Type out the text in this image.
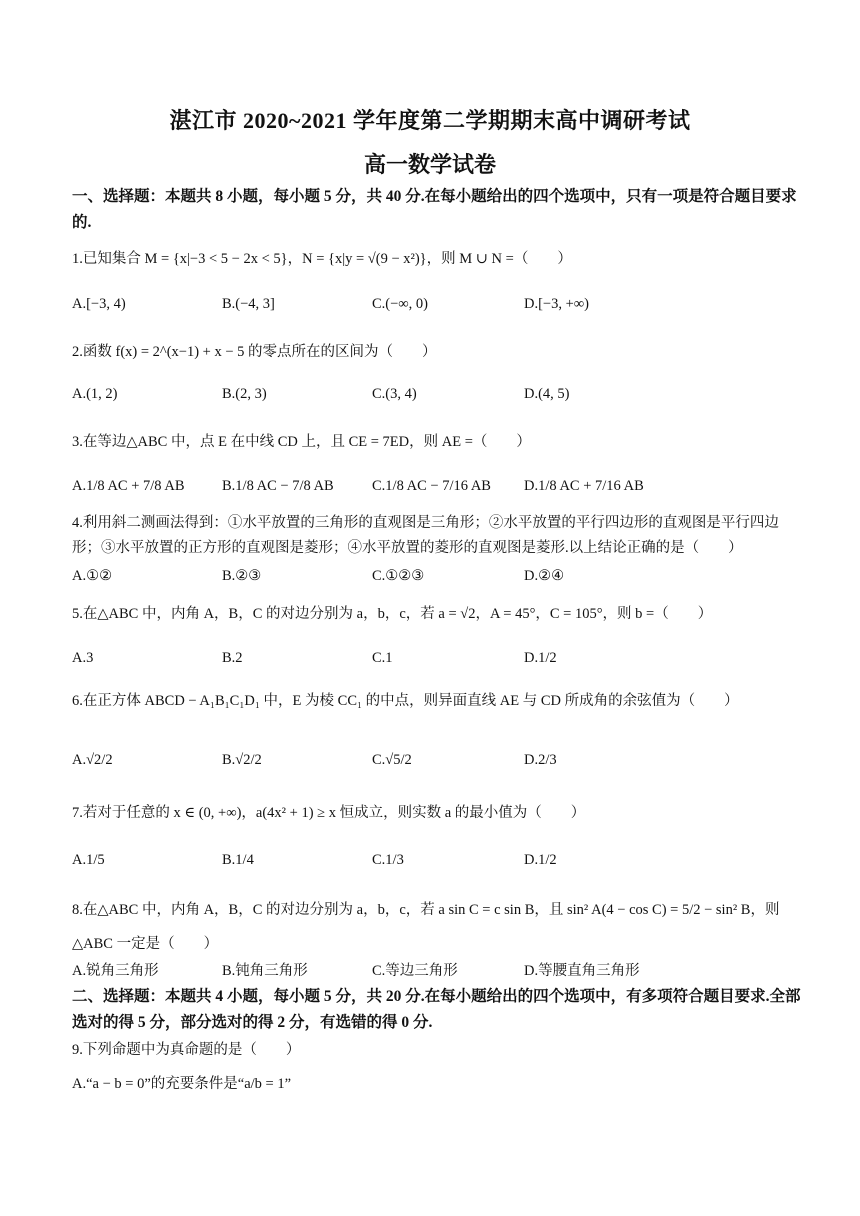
湛江市 2020~2021 学年度第二学期期末高中调研考试
高一数学试卷
一、选择题：本题共 8 小题，每小题 5 分，共 40 分.在每小题给出的四个选项中，只有一项是符合题目要求的.
1.已知集合 M = {x|−3 < 5 − 2x < 5}，N = {x|y = √(9 − x²)}，则 M ∪ N =（　　）
A.[−3, 4)	B.(−4, 3]	C.(−∞, 0)	D.[−3, +∞)
2.函数 f(x) = 2^(x−1) + x − 5 的零点所在的区间为（　　）
A.(1, 2)	B.(2, 3)	C.(3, 4)	D.(4, 5)
3.在等边△ABC 中，点 E 在中线 CD 上，且 CE = 7ED，则 AE =（　　）
A.1/8 AC + 7/8 AB	B.1/8 AC − 7/8 AB	C.1/8 AC − 7/16 AB D.1/8 AC + 7/16 AB
4.利用斜二测画法得到：①水平放置的三角形的直观图是三角形；②水平放置的平行四边形的直观图是平行四边形；③水平放置的正方形的直观图是菱形；④水平放置的菱形的直观图是菱形.以上结论正确的是（　　）
A.①②	B.②③	C.①②③	D.②④
5.在△ABC 中，内角 A，B，C 的对边分别为 a，b，c，若 a = √2，A = 45°，C = 105°，则 b =（　　）
A.3	B.2	C.1	D.1/2
6.在正方体 ABCD − A₁B₁C₁D₁ 中，E 为棱 CC₁ 的中点，则异面直线 AE 与 CD 所成角的余弦值为（　　）
A.√2/2	B.√2/2	C.√5/2	D.2/3
7.若对于任意的 x ∈ (0, +∞)，a(4x² + 1) ≥ x 恒成立，则实数 a 的最小值为（　　）
A.1/5	B.1/4	C.1/3	D.1/2
8.在△ABC 中，内角 A，B，C 的对边分别为 a，b，c，若 a sin C = c sin B，且 sin² A(4 − cos C) = 5/2 − sin² B，则△ABC 一定是（　　）
A.锐角三角形	B.钝角三角形	C.等边三角形	D.等腰直角三角形
二、选择题：本题共 4 小题，每小题 5 分，共 20 分.在每小题给出的四个选项中，有多项符合题目要求.全部选对的得 5 分，部分选对的得 2 分，有选错的得 0 分.
9.下列命题中为真命题的是（　　）
A.“a − b = 0”的充要条件是“a/b = 1”
